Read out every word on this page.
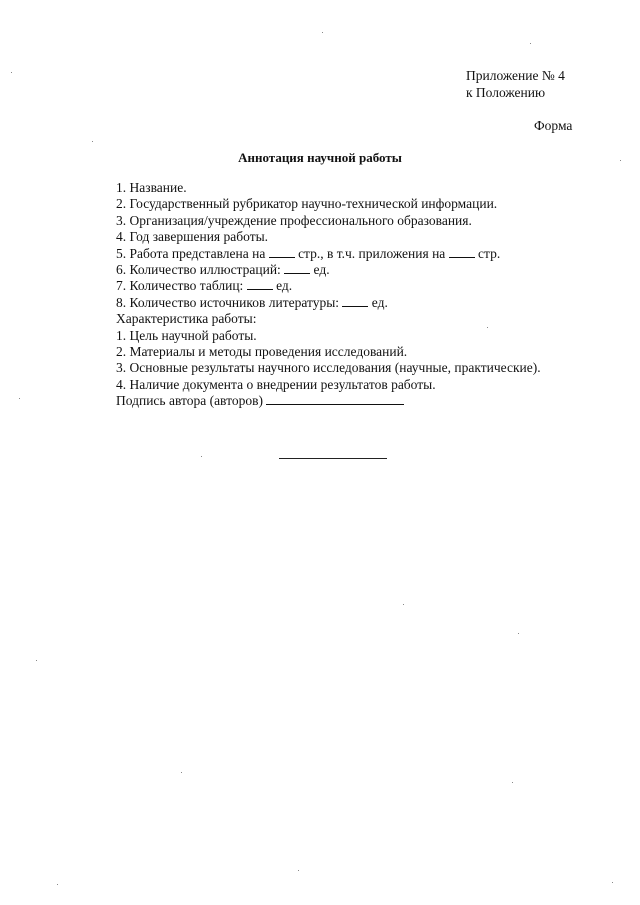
Приложение № 4
к Положению
Форма
Аннотация научной работы
1. Название.
2. Государственный рубрикатор научно-технической информации.
3. Организация/учреждение профессионального образования.
4. Год завершения работы.
5. Работа представлена на  стр., в т.ч. приложения на  стр.
6. Количество иллюстраций:  ед.
7. Количество таблиц:  ед.
8. Количество источников литературы:  ед.
Характеристика работы:
1. Цель научной работы.
2. Материалы и методы проведения исследований.
3. Основные результаты научного исследования (научные, практические).
4. Наличие документа о внедрении результатов работы.
Подпись автора (авторов)
